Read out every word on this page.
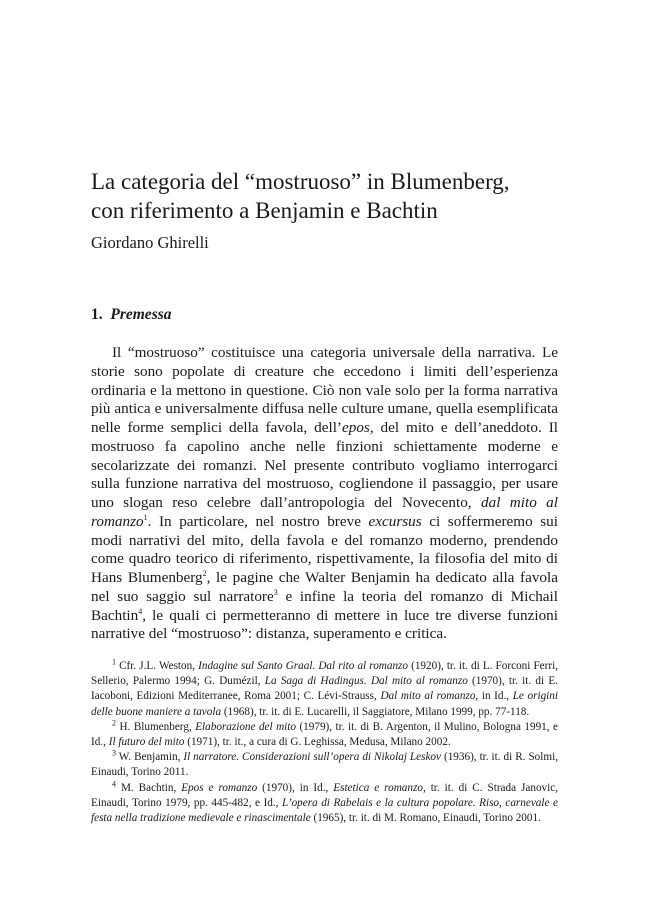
La categoria del “mostruoso” in Blumenberg,
con riferimento a Benjamin e Bachtin
Giordano Ghirelli
1. Premessa

Il “mostruoso” costituisce una categoria universale della narrativa. Le storie sono popolate di creature che eccedono i limiti dell’esperienza ordinaria e la mettono in questione. Ciò non vale solo per la forma narrativa più antica e universalmente diffusa nelle culture umane, quella esemplificata nelle forme semplici della favola, dell’epos, del mito e dell’aneddoto. Il mostruoso fa capolino anche nelle finzioni schiettamente moderne e secolarizzate dei romanzi. Nel presente contributo vogliamo interrogarci sulla funzione narrativa del mostruoso, cogliendone il passaggio, per usare uno slogan reso celebre dall’antropologia del Novecento, dal mito al romanzo$^1$. In particolare, nel nostro breve excursus ci soffermeremo sui modi narrativi del mito, della favola e del romanzo moderno, prendendo come quadro teorico di riferimento, rispettivamente, la filosofia del mito di Hans Blumenberg$^2$, le pagine che Walter Benjamin ha dedicato alla favola nel suo saggio sul narratore$^3$ e infine la teoria del romanzo di Michail Bachtin$^4$, le quali ci permetteranno di mettere in luce tre diverse funzioni narrative del “mostruoso”: distanza, superamento e critica.

$^1$ Cfr. J.L. Weston, Indagine sul Santo Graal. Dal rito al romanzo (1920), tr. it. di L. Forconi Ferri, Sellerio, Palermo 1994; G. Dumézil, La Saga di Hadingus. Dal mito al romanzo (1970), tr. it. di E. Iacoboni, Edizioni Mediterranee, Roma 2001; C. Lévi-Strauss, Dal mito al romanzo, in Id., Le origini delle buone maniere a tavola (1968), tr. it. di E. Lucarelli, il Saggiatore, Milano 1999, pp. 77-118.

$^2$ H. Blumenberg, Elaborazione del mito (1979), tr. it. di B. Argenton, il Mulino, Bologna 1991, e Id., Il futuro del mito (1971), tr. it., a cura di G. Leghissa, Medusa, Milano 2002.

$^3$ W. Benjamin, Il narratore. Considerazioni sull’opera di Nikolaj Leskov (1936), tr. it. di R. Solmi, Einaudi, Torino 2011.

$^4$ M. Bachtin, Epos e romanzo (1970), in Id., Estetica e romanzo, tr. it. di C. Strada Janovic, Einaudi, Torino 1979, pp. 445-482, e Id., L’opera di Rabelais e la cultura popolare. Riso, carnevale e festa nella tradizione medievale e rinascimentale (1965), tr. it. di M. Romano, Einaudi, Torino 2001.
